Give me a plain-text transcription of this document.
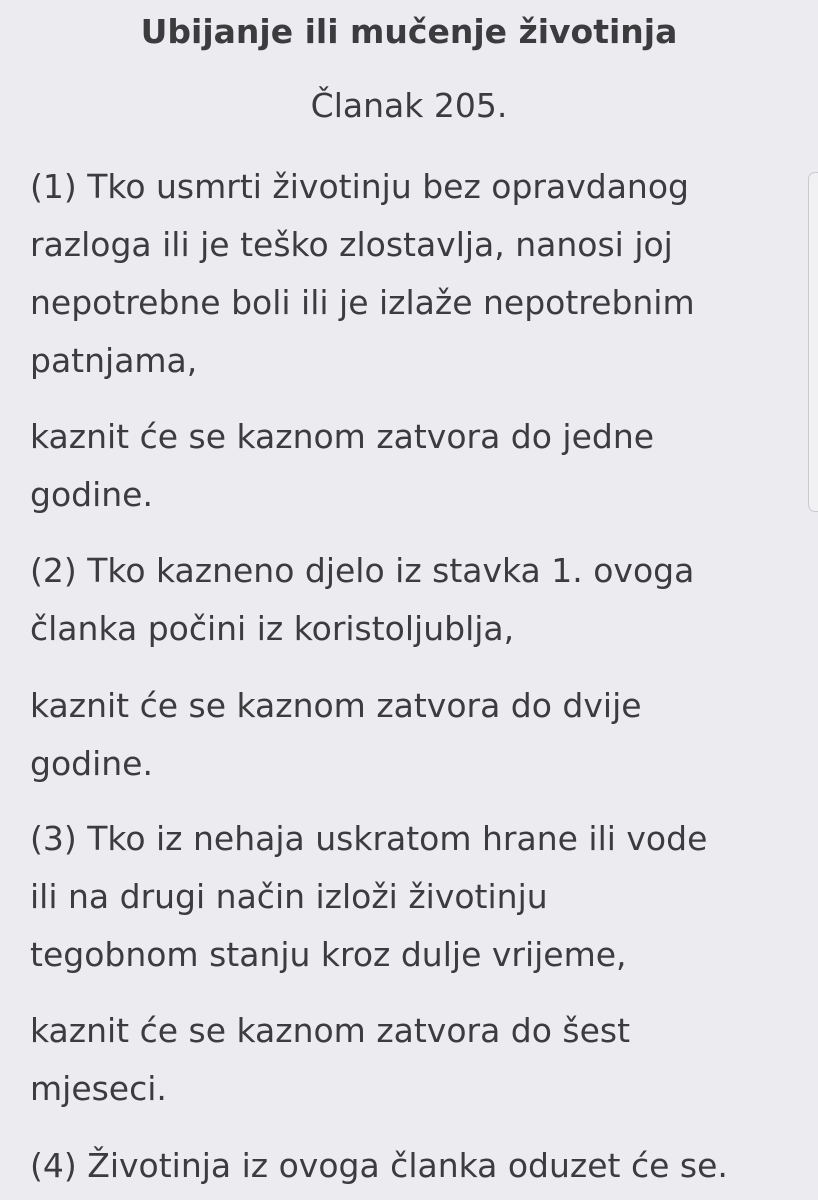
Ubijanje ili mučenje životinja
Članak 205.

(1) Tko usmrti životinju bez opravdanog
razloga ili je teško zlostavlja, nanosi joj
nepotrebne boli ili je izlaže nepotrebnim
patnjama,

kaznit će se kaznom zatvora do jedne
godine.

(2) Tko kazneno djelo iz stavka 1. ovoga
članka počini iz koristoljublja,

kaznit će se kaznom zatvora do dvije
godine.

(3) Tko iz nehaja uskratom hrane ili vode
ili na drugi način izloži životinju
tegobnom stanju kroz dulje vrijeme,

kaznit će se kaznom zatvora do šest
mjeseci.

(4) Životinja iz ovoga članka oduzet će se.
